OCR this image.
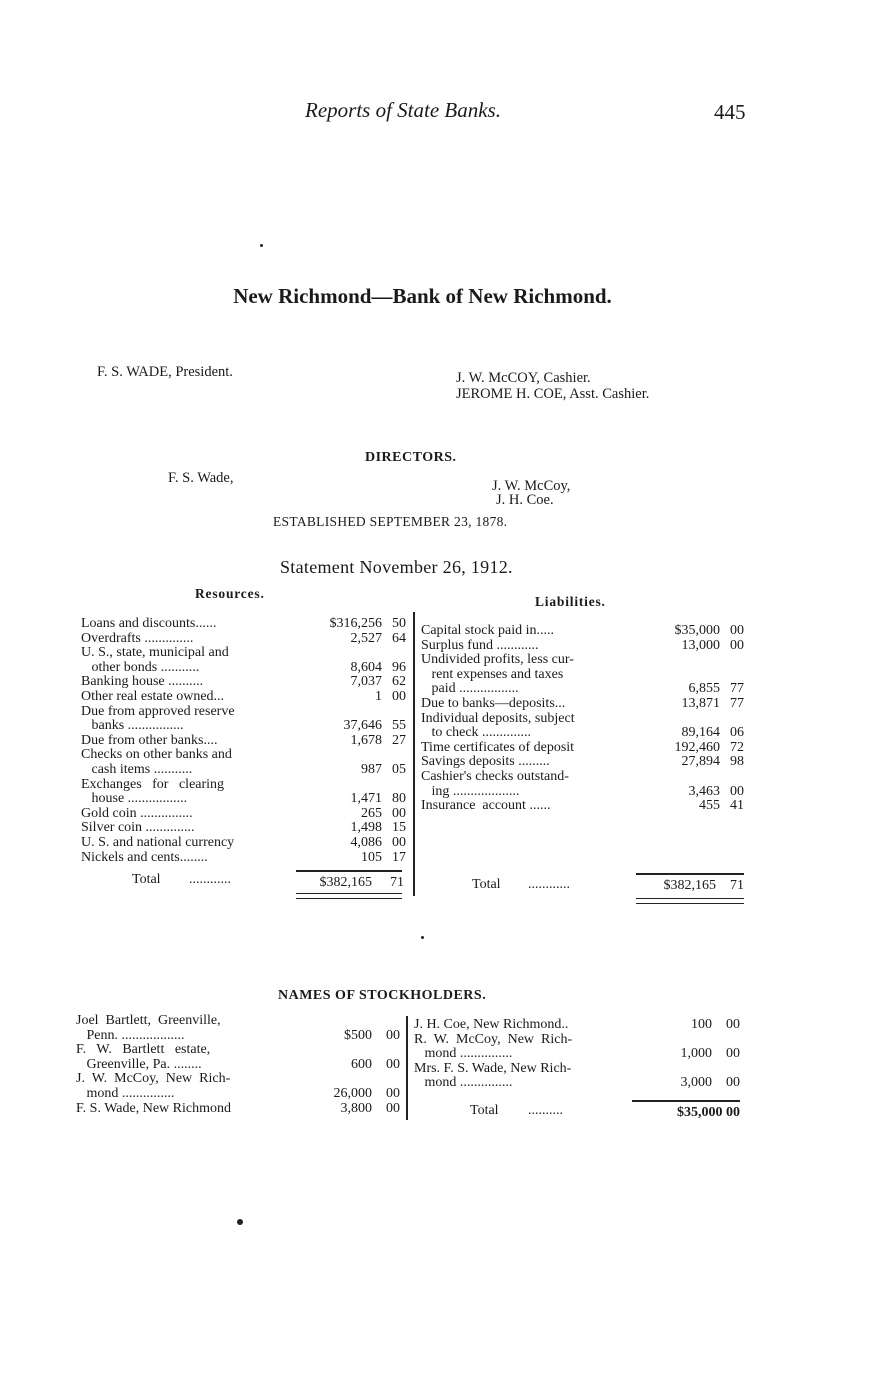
Reports of State Banks.	445
New Richmond—Bank of New Richmond.
F. S. WADE, President.	J. W. McCOY, Cashier.
JEROME H. COE, Asst. Cashier.
DIRECTORS.
F. S. Wade,	J. W. McCoy,
J. H. Coe.
ESTABLISHED SEPTEMBER 23, 1878.
Statement November 26, 1912.
Resources.
Liabilities.
Loans and discounts......	$316,256 50
Overdrafts ..............	2,527 64
U. S., state, municipal and
other bonds ...........	8,604 96
Banking house ..........	7,037 62
Other real estate owned...	1 00
Due from approved reserve
banks ................	37,646 55
Due from other banks....	1,678 27
Checks on other banks and
cash items ...........	987 05
Exchanges   for   clearing
house .................	1,471 80
Gold coin ...............	265 00
Silver coin ..............	1,498 15
U. S. and national currency	4,086 00
Nickels and cents........	105 17
Capital stock paid in.....	$35,000 00
Surplus fund ............	13,000 00
Undivided profits, less cur-
rent expenses and taxes
paid .................	6,855 77
Due to banks—deposits...	13,871 77
Individual deposits, subject
to check ..............	89,164 06
Time certificates of deposit	192,460 72
Savings deposits .........	27,894 98
Cashier's checks outstand-
ing ...................	3,463 00
Insurance  account ......	455 41
Total ............	$382,165	71	Total ............	$382,165	71
NAMES OF STOCKHOLDERS.
Joel  Bartlett,  Greenville,
Penn. ..................	$500	00
F.   W.   Bartlett   estate,
Greenville, Pa. ........	600	00
J.  W.  McCoy,  New  Rich-
mond ...............	26,000	00
F. S. Wade, New Richmond	3,800	00
J. H. Coe, New Richmond..	100	00
R.  W.  McCoy,  New  Rich-
mond ...............	1,000	00
Mrs. F. S. Wade, New Rich-
mond ...............	3,000	00
Total ..........	$35,000 00
